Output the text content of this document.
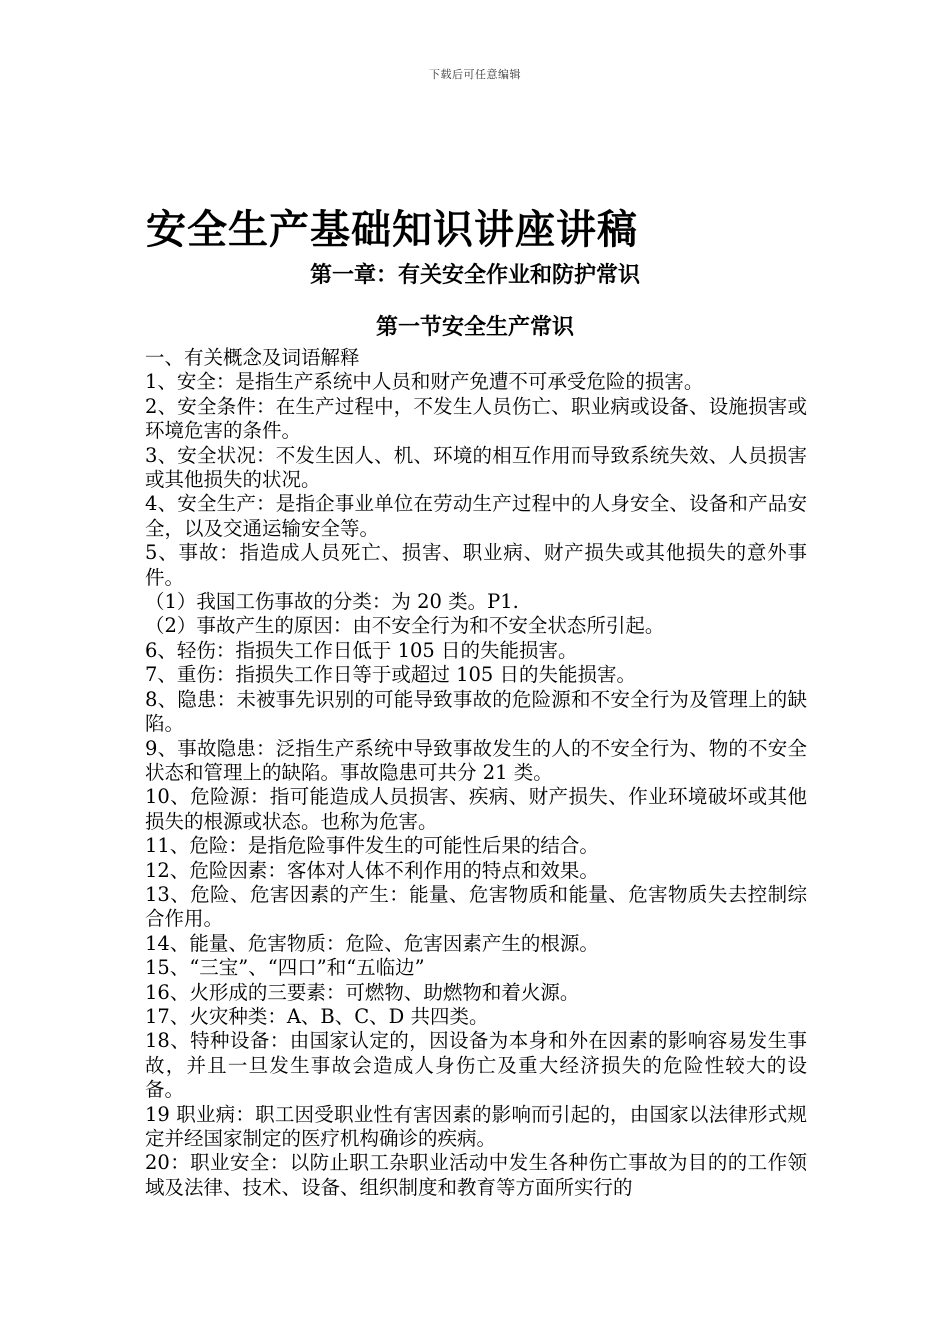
下载后可任意编辑
安全生产基础知识讲座讲稿
第一章：有关安全作业和防护常识
第一节安全生产常识

一、有关概念及词语解释

1、安全：是指生产系统中人员和财产免遭不可承受危险的损害。

2、安全条件：在生产过程中，不发生人员伤亡、职业病或设备、设施损害或环境危害的条件。

3、安全状况：不发生因人、机、环境的相互作用而导致系统失效、人员损害或其他损失的状况。

4、安全生产：是指企事业单位在劳动生产过程中的人身安全、设备和产品安全，以及交通运输安全等。

5、事故：指造成人员死亡、损害、职业病、财产损失或其他损失的意外事件。

（1）我国工伤事故的分类：为 20 类。P1.

（2）事故产生的原因：由不安全行为和不安全状态所引起。

6、轻伤：指损失工作日低于 105 日的失能损害。

7、重伤：指损失工作日等于或超过 105 日的失能损害。

8、隐患：未被事先识别的可能导致事故的危险源和不安全行为及管理上的缺陷。

9、事故隐患：泛指生产系统中导致事故发生的人的不安全行为、物的不安全状态和管理上的缺陷。事故隐患可共分 21 类。

10、危险源：指可能造成人员损害、疾病、财产损失、作业环境破坏或其他损失的根源或状态。也称为危害。

11、危险：是指危险事件发生的可能性后果的结合。

12、危险因素：客体对人体不利作用的特点和效果。

13、危险、危害因素的产生：能量、危害物质和能量、危害物质失去控制综合作用。

14、能量、危害物质：危险、危害因素产生的根源。

15、“三宝”、“四口”和“五临边”

16、火形成的三要素：可燃物、助燃物和着火源。

17、火灾种类：A、B、C、D 共四类。

18、特种设备：由国家认定的，因设备为本身和外在因素的影响容易发生事故，并且一旦发生事故会造成人身伤亡及重大经济损失的危险性较大的设备。

19 职业病：职工因受职业性有害因素的影响而引起的，由国家以法律形式规定并经国家制定的医疗机构确诊的疾病。

20：职业安全：以防止职工杂职业活动中发生各种伤亡事故为目的的工作领域及法律、技术、设备、组织制度和教育等方面所实行的
